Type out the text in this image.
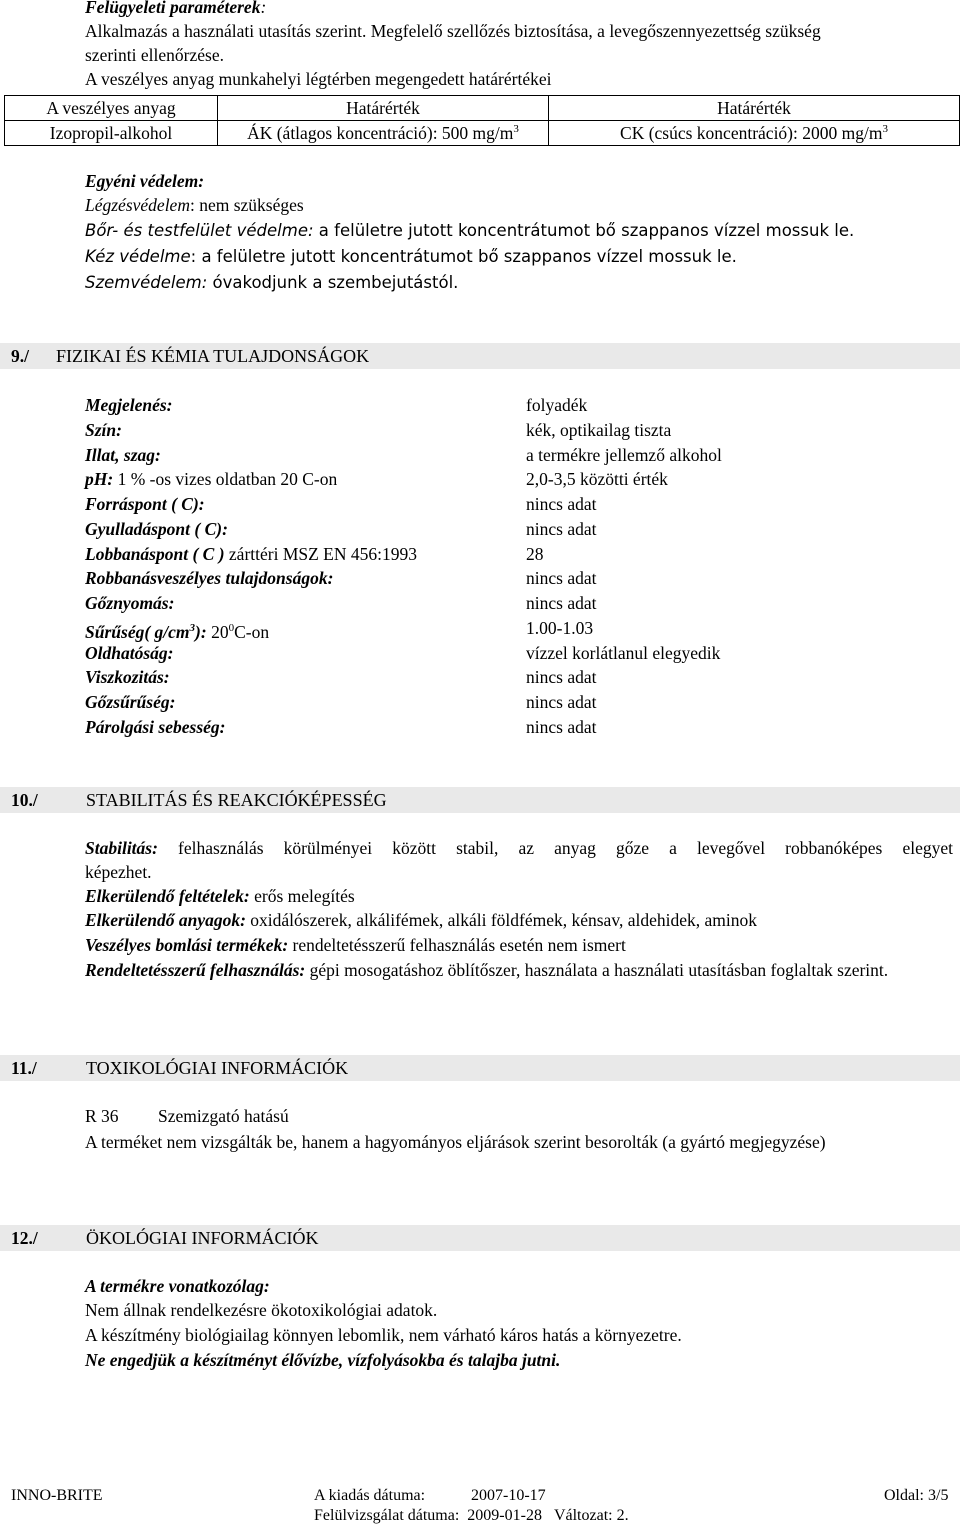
Felügyeleti paraméterek:
Alkalmazás a használati utasítás szerint. Megfelelő szellőzés biztosítása, a levegőszennyezettség szükség
szerinti ellenőrzése.
A veszélyes anyag munkahelyi légtérben megengedett határértékei
A veszélyes anyag	Határérték	Határérték
Izopropil-alkohol	ÁK (átlagos koncentráció): 500 $mg/m^3$	CK (csúcs koncentráció): 2000 $mg/m^3$
Egyéni védelem:
Légzésvédelem: nem szükséges
Bőr- és testfelület védelme: a felületre jutott koncentrátumot bő szappanos vízzel mossuk le.
Kéz védelme: a felületre jutott koncentrátumot bő szappanos vízzel mossuk le.
Szemvédelem: óvakodjunk a szembejutástól.
9./ FIZIKAI ÉS KÉMIA TULAJDONSÁGOK
Megjelenés:	folyadék
Szín:	kék, optikailag tiszta
Illat, szag:	a termékre jellemző alkohol
pH: 1 % -os vizes oldatban 20 C-on	2,0-3,5 közötti érték
Forráspont ( C):	nincs adat
Gyulladáspont ( C):	nincs adat
Lobbanáspont ( C ) zárttéri MSZ EN 456:1993	28
Robbanásveszélyes tulajdonságok:	nincs adat
Gőznyomás:	nincs adat
Sűrűség( $g/cm^3$): $20^0C-on$	1.00-1.03
Oldhatóság:	vízzel korlátlanul elegyedik
Viszkozitás:	nincs adat
Gőzsűrűség:	nincs adat
Párolgási sebesség:	nincs adat
10./	STABILITÁS ÉS REAKCIÓKÉPESSÉG
Stabilitás: felhasználás körülményei között stabil, az anyag gőze a levegővel robbanóképes elegyet
képezhet.
Elkerülendő feltételek: erős melegítés
Elkerülendő anyagok: oxidálószerek, alkálifémek, alkáli földfémek, kénsav, aldehidek, aminok
Veszélyes bomlási termékek: rendeltetésszerű felhasználás esetén nem ismert
Rendeltetésszerű felhasználás: gépi mosogatáshoz öblítőszer, használata a használati utasításban foglaltak szerint.
11./	TOXIKOLÓGIAI INFORMÁCIÓK
R 36 Szemizgató hatású
A terméket nem vizsgálták be, hanem a hagyományos eljárások szerint besorolták (a gyártó megjegyzése)
12./	ÖKOLÓGIAI INFORMÁCIÓK
A termékre vonatkozólag:
Nem állnak rendelkezésre ökotoxikológiai adatok.
A készítmény biológiailag könnyen lebomlik, nem várható káros hatás a környezetre.
Ne engedjük a készítményt élővízbe, vízfolyásokba és talajba jutni.
INNO-BRITE	A kiadás dátuma:	2007-10-17	Oldal: 3/5
Felülvizsgálat dátuma: 2009-01-28 Változat: 2.
